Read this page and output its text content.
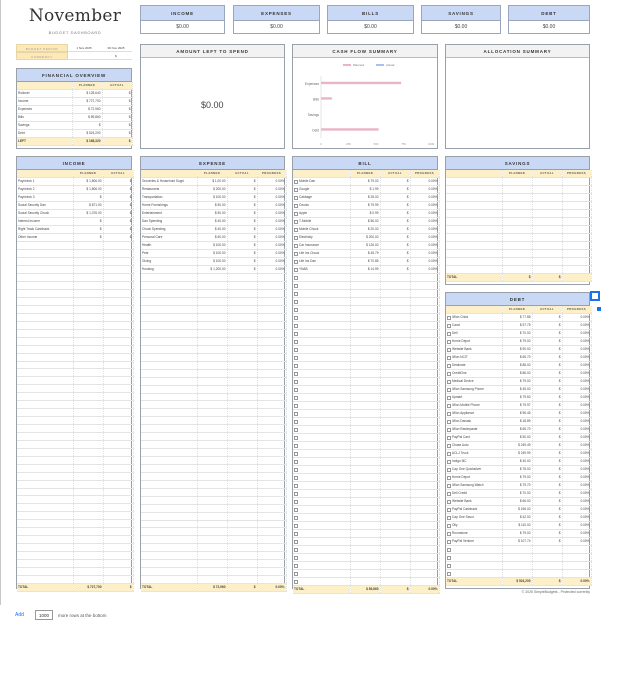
November
BUDGET DASHBOARD
INCOME
$0.00
EXPENSES
$0.00
BILLS
$0.00
SAVINGS
$0.00
DEBT
$0.00
BUDGET PERIOD	1 Nov 2025	30 Nov 2025
CURRENCY	$
FINANCIAL OVERVIEW
	PLANNED	ACTUAL
Rollover	$ 128,640	$
Income	$ 727,700	$
Expenses	$ 72,960	$
Bills	$ 89,860	$
Savings	$	$
Debt	$ 524,200	$
LEFT	$ 168,320	$
AMOUNT LEFT TO SPEND
$0.00
CASH FLOW SUMMARY
Planned	Actual
Expenses
Bills
Savings
Debt
0	250	500	750	1000
ALLOCATION SUMMARY
INCOME
	PLANNED	ACTUAL
Paycheck 1	$ 1,806.00	$
Paycheck 2	$ 1,806.00	$
Paycheck 3	$	$
Social Security Dan	$ 871.00	$
Social Security Chuck	$ 1,376.00	$
Interest Income	$	$
Right Track Cashback	$	$
Other Income	$	$

TOTAL	$ 727,700	$
EXPENSE
	PLANNED	ACTUAL	PROGRESS
Groceries & Household Suppl	$ 1,00.00	$	0.00%
Restaurants	$ 200.00	$	0.00%
Transportation	$ 100.00	$	0.00%
Home Furnishings	$ 50.00	$	0.00%
Entertainment	$ 50.00	$	0.00%
Dan Spending	$ 40.00	$	0.00%
Chuck Spending	$ 40.00	$	0.00%
Personal Care	$ 60.00	$	0.00%
Health	$ 100.00	$	0.00%
Pets	$ 100.00	$	0.00%
Giving	$ 100.00	$	0.00%
Housing	$ 1,200.00	$	0.00%

TOTAL	$ 72,960	$	0.00%
BILL
	PLANNED	ACTUAL	PROGRESS
Mobile Dan	$ 79.00	$	0.00%
Google	$ 1.99	$	0.00%
Cabbage	$ 28.00	$	0.00%
Ozonic	$ 79.99	$	0.00%
Apple	$ 0.99	$	0.00%
T-Mobile	$ 56.00	$	0.00%
Mobile Chuck	$ 20.00	$	0.00%
Electricity	$ 200.00	$	0.00%
Car Insurance	$ 126.00	$	0.00%
Life Ins Chuck	$ 45.79	$	0.00%
Life Ins Dan	$ 70.85	$	0.00%
YNAB	$ 14.99	$	0.00%

TOTAL	$ 89,860	$	0.00%
SAVINGS
	PLANNED	ACTUAL	PROGRESS

TOTAL	$	$	
DEBT
	PLANNED	ACTUAL	PROGRESS
IWon Chick	$ 77.88	$	0.00%
Carat	$ 97.75	$	0.00%
Dell	$ 70.00	$	0.00%
Home Depot	$ 79.00	$	0.00%
Website Bank	$ 90.00	$	0.00%
IWon NCIT	$ 65.70	$	0.00%
Destinate	$ 88.00	$	0.00%
CreditOne	$ 86.00	$	0.00%
Medical Device	$ 79.00	$	0.00%
IWon Samsung Phone	$ 45.00	$	0.00%
Upstart	$ 79.60	$	0.00%
IWon Mobile Phone	$ 79.97	$	0.00%
IWon Appliance	$ 96.45	$	0.00%
IWon Danask	$ 18.89	$	0.00%
IWon Rasterpaste	$ 65.70	$	0.00%
PayPal Card	$ 50.00	$	0.00%
Chase Auto	$ 249.49	$	0.00%
ACLJ Truck	$ 249.99	$	0.00%
Indigo MC	$ 40.00	$	0.00%
Cap One Quicksilver	$ 78.00	$	0.00%
Home Depot	$ 79.00	$	0.00%
IWon Samsung Watch	$ 79.70	$	0.00%
Dell Credit	$ 70.00	$	0.00%
Website Bank	$ 66.00	$	0.00%
PayPal Cashback	$ 156.00	$	0.00%
Cap One Savor	$ 42.00	$	0.00%
Olly	$ 110.00	$	0.00%
Roomstore	$ 79.00	$	0.00%
PayPal Venture	$ 107.74	$	0.00%

TOTAL	$ 524,200	$	0.00%
© 2025 SimpleBudgets - Protected currently
Add	1000	more rows at the bottom
